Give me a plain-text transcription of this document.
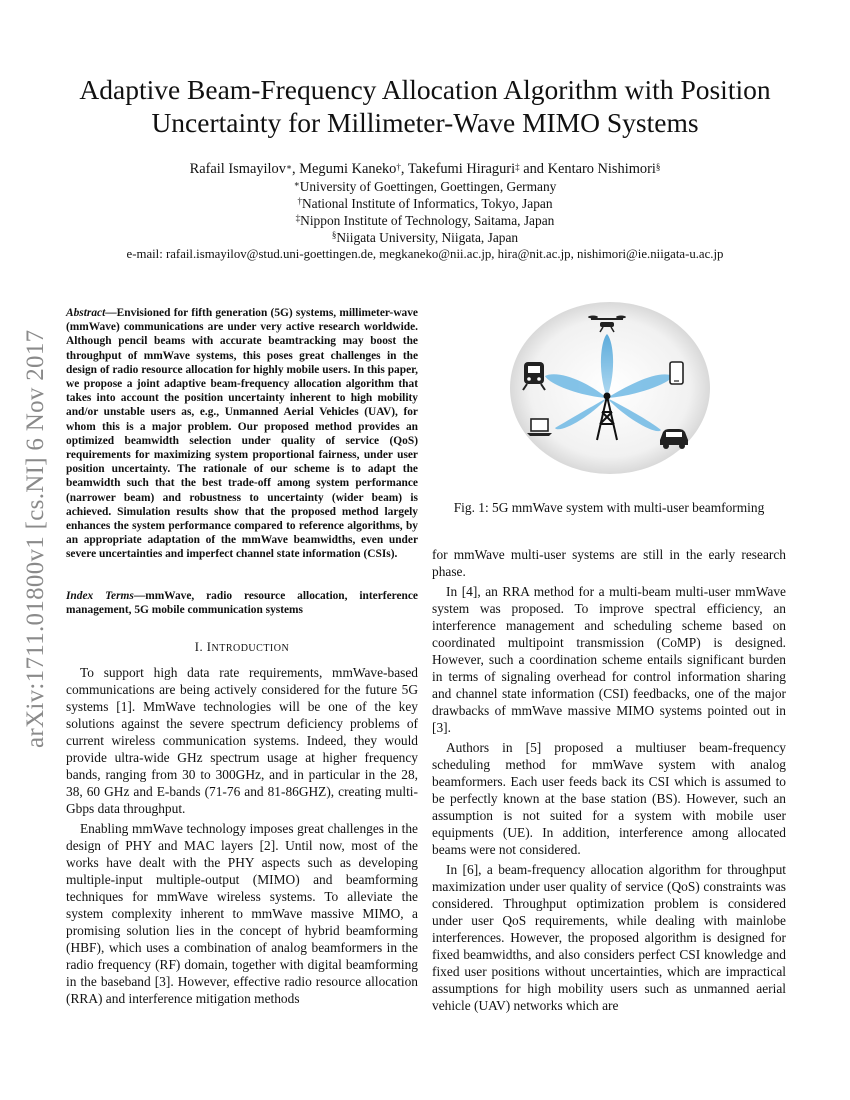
arXiv:1711.01800v1 [cs.NI] 6 Nov 2017
Adaptive Beam-Frequency Allocation Algorithm with Position
Uncertainty for Millimeter-Wave MIMO Systems
Rafail Ismayilov∗, Megumi Kaneko†, Takefumi Hiraguri‡ and Kentaro Nishimori§
∗University of Goettingen, Goettingen, Germany
†National Institute of Informatics, Tokyo, Japan
‡Nippon Institute of Technology, Saitama, Japan
§Niigata University, Niigata, Japan
e-mail: rafail.ismayilov@stud.uni-goettingen.de, megkaneko@nii.ac.jp, hira@nit.ac.jp, nishimori@ie.niigata-u.ac.jp
Abstract—Envisioned for fifth generation (5G) systems, millimeter-wave (mmWave) communications are under very active research worldwide. Although pencil beams with accurate beamtracking may boost the throughput of mmWave systems, this poses great challenges in the design of radio resource allocation for highly mobile users. In this paper, we propose a joint adaptive beam-frequency allocation algorithm that takes into account the position uncertainty inherent to high mobility and/or unstable users as, e.g., Unmanned Aerial Vehicles (UAV), for whom this is a major problem. Our proposed method provides an optimized beamwidth selection under quality of service (QoS) requirements for maximizing system proportional fairness, under user position uncertainty. The rationale of our scheme is to adapt the beamwidth such that the best trade-off among system performance (narrower beam) and robustness to uncertainty (wider beam) is achieved. Simulation results show that the proposed method largely enhances the system performance compared to reference algorithms, by an appropriate adaptation of the mmWave beamwidths, even under severe uncertainties and imperfect channel state information (CSIs).
Index Terms—mmWave, radio resource allocation, interference management, 5G mobile communication systems
I. INTRODUCTION

To support high data rate requirements, mmWave-based communications are being actively considered for the future 5G systems [1]. MmWave technologies will be one of the key solutions against the severe spectrum deficiency problems of current wireless communication systems. Indeed, they would provide ultra-wide GHz spectrum usage at higher frequency bands, ranging from 30 to 300GHz, and in particular in the 28, 38, 60 GHz and E-bands (71-76 and 81-86GHZ), creating multi-Gbps data throughput.

Enabling mmWave technology imposes great challenges in the design of PHY and MAC layers [2]. Until now, most of the works have dealt with the PHY aspects such as developing multiple-input multiple-output (MIMO) and beamforming techniques for mmWave wireless systems. To alleviate the system complexity inherent to mmWave massive MIMO, a promising solution lies in the concept of hybrid beamforming (HBF), which uses a combination of analog beamformers in the radio frequency (RF) domain, together with digital beamforming in the baseband [3]. However, effective radio resource allocation (RRA) and interference mitigation methods

Fig. 1: 5G mmWave system with multi-user beamforming

for mmWave multi-user systems are still in the early research phase.

In [4], an RRA method for a multi-beam multi-user mmWave system was proposed. To improve spectral efficiency, an interference management and scheduling scheme based on coordinated multipoint transmission (CoMP) is designed. However, such a coordination scheme entails significant burden in terms of signaling overhead for control information sharing and channel state information (CSI) feedbacks, one of the major drawbacks of mmWave massive MIMO systems pointed out in [3].

Authors in [5] proposed a multiuser beam-frequency scheduling method for mmWave system with analog beamformers. Each user feeds back its CSI which is assumed to be perfectly known at the base station (BS). However, such an assumption is not suited for a system with mobile user equipments (UE). In addition, interference among allocated beams were not considered.

In [6], a beam-frequency allocation algorithm for throughput maximization under user quality of service (QoS) constraints was considered. Throughput optimization problem is considered under user QoS requirements, while dealing with mainlobe interferences. However, the proposed algorithm is designed for fixed beamwidths, and also considers perfect CSI knowledge and fixed user positions without uncertainties, which are impractical assumptions for high mobility users such as unmanned aerial vehicle (UAV) networks which are
